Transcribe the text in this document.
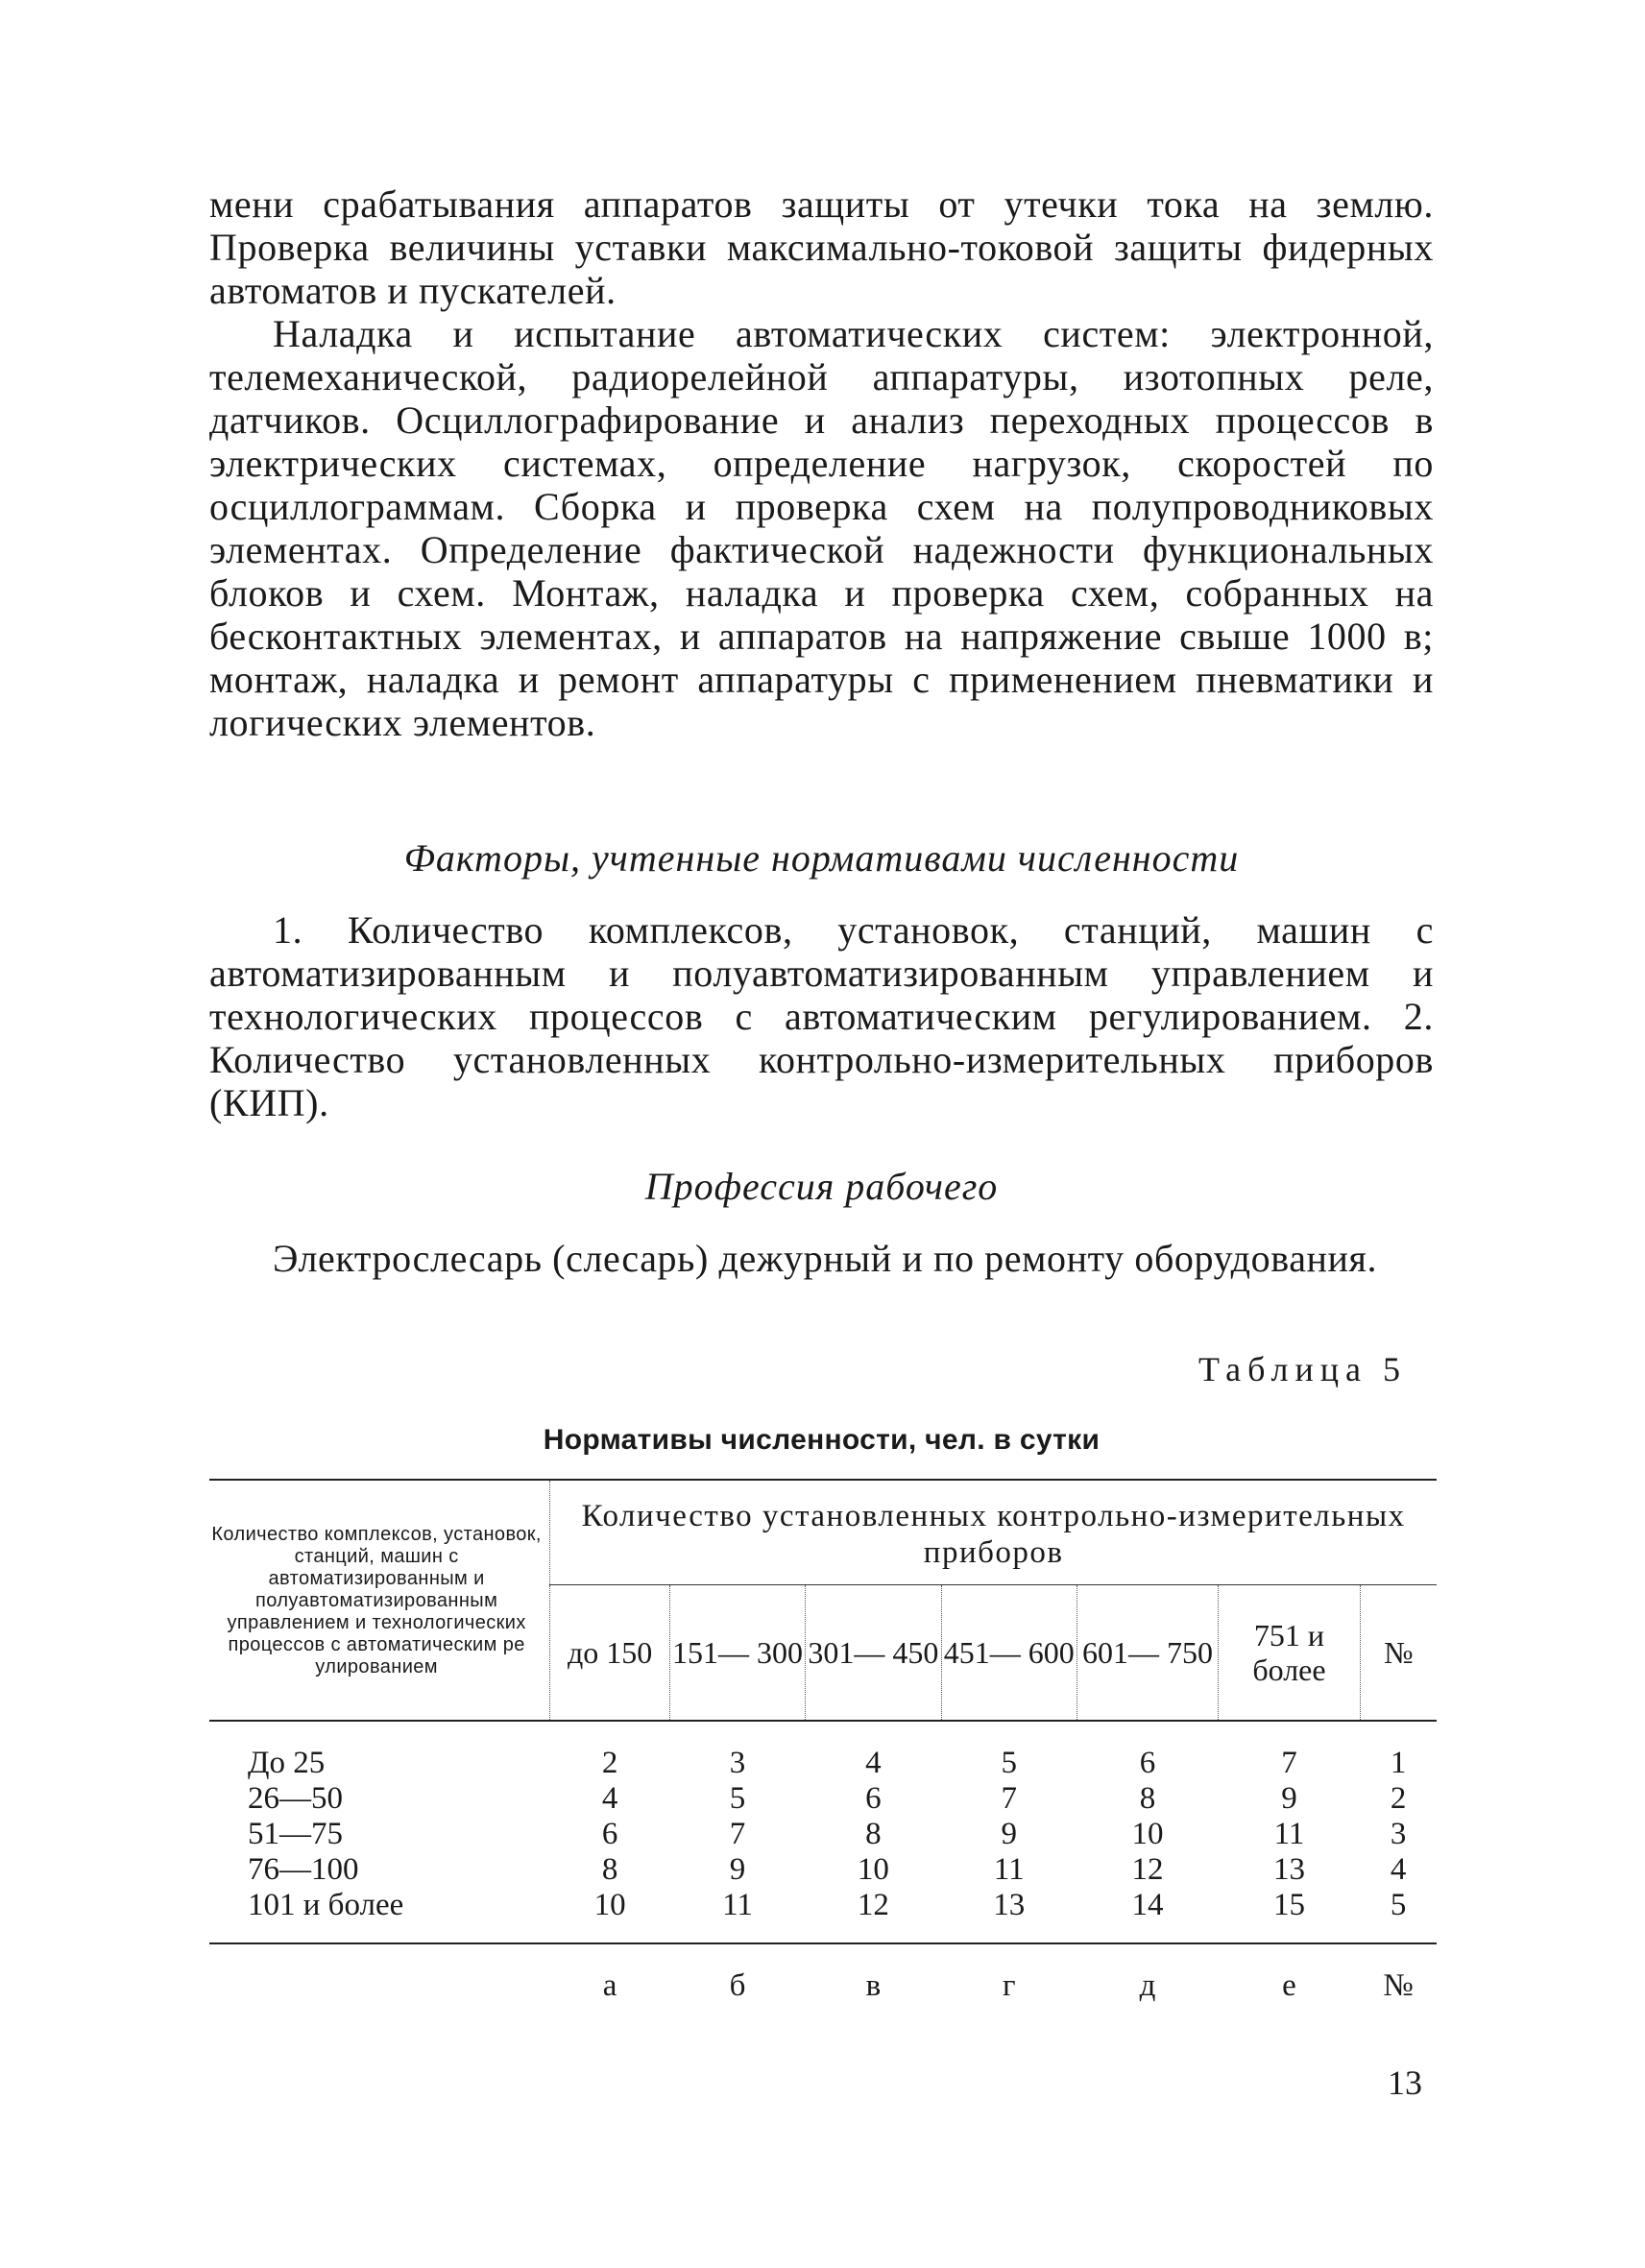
мени срабатывания аппаратов защиты от утечки тока на землю. Проверка величины уставки максимально-токовой защиты фидерных автоматов и пускателей.

Наладка и испытание автоматических систем: электронной, телемеханической, радиорелейной аппаратуры, изотопных реле, датчиков. Осциллографирование и анализ переходных процессов в электрических системах, определение нагрузок, скоростей по осциллограммам. Сборка и проверка схем на полупроводниковых элементах. Определение фактической надежности функциональных блоков и схем. Монтаж, наладка и проверка схем, собранных на бесконтактных элементах, и аппаратов на напряжение свыше 1000 в; монтаж, наладка и ремонт аппаратуры с применением пневматики и логических элементов.

Факторы, учтенные нормативами численности

1. Количество комплексов, установок, станций, машин с автоматизированным и полуавтоматизированным управлением и технологических процессов с автоматическим регулированием. 2. Количество установленных контрольно-измерительных приборов (КИП).

Профессия рабочего

Электрослесарь (слесарь) дежурный и по ремонту оборудования.

Таблица 5
Нормативы численности, чел. в сутки
Количество комплексов, установок, станций, машин с автоматизированным и полуавтоматизированным управлением и технологических процессов с автоматическим ре улированием	Количество установленных контрольно-измерительных приборов						
	до 150	151— 300	301— 450	451— 600	601— 750	751 и более	№
До 25	2	3	4	5	6	7	1
26—50	4	5	6	7	8	9	2
51—75	6	7	8	9	10	11	3
76—100	8	9	10	11	12	13	4
101 и более	10	11	12	13	14	15	5
	а	б	в	г	д	е	№
13
